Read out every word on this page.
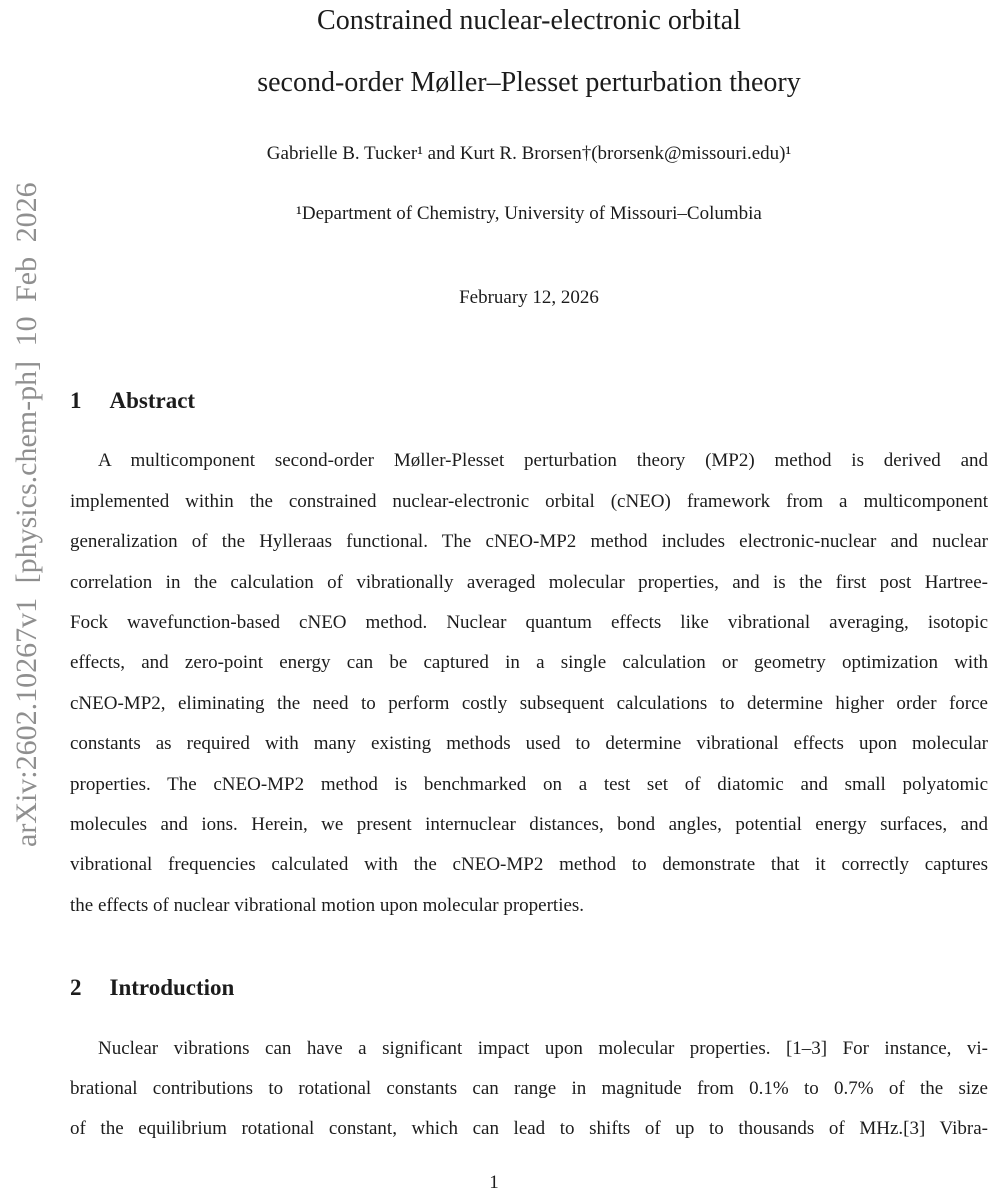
arXiv:2602.10267v1 [physics.chem-ph] 10 Feb 2026
Constrained nuclear-electronic orbital
second-order Møller–Plesset perturbation theory
Gabrielle B. Tucker¹ and Kurt R. Brorsen†(brorsenk@missouri.edu)¹
¹Department of Chemistry, University of Missouri–Columbia
February 12, 2026
1 Abstract
A multicomponent second-order Møller-Plesset perturbation theory (MP2) method is derived and
implemented within the constrained nuclear-electronic orbital (cNEO) framework from a multicomponent
generalization of the Hylleraas functional. The cNEO-MP2 method includes electronic-nuclear and nuclear
correlation in the calculation of vibrationally averaged molecular properties, and is the first post Hartree-
Fock wavefunction-based cNEO method. Nuclear quantum effects like vibrational averaging, isotopic
effects, and zero-point energy can be captured in a single calculation or geometry optimization with
cNEO-MP2, eliminating the need to perform costly subsequent calculations to determine higher order force
constants as required with many existing methods used to determine vibrational effects upon molecular
properties. The cNEO-MP2 method is benchmarked on a test set of diatomic and small polyatomic
molecules and ions. Herein, we present internuclear distances, bond angles, potential energy surfaces, and
vibrational frequencies calculated with the cNEO-MP2 method to demonstrate that it correctly captures
the effects of nuclear vibrational motion upon molecular properties.
2 Introduction
Nuclear vibrations can have a significant impact upon molecular properties. [1–3] For instance, vi-
brational contributions to rotational constants can range in magnitude from 0.1% to 0.7% of the size
of the equilibrium rotational constant, which can lead to shifts of up to thousands of MHz.[3] Vibra-
1
